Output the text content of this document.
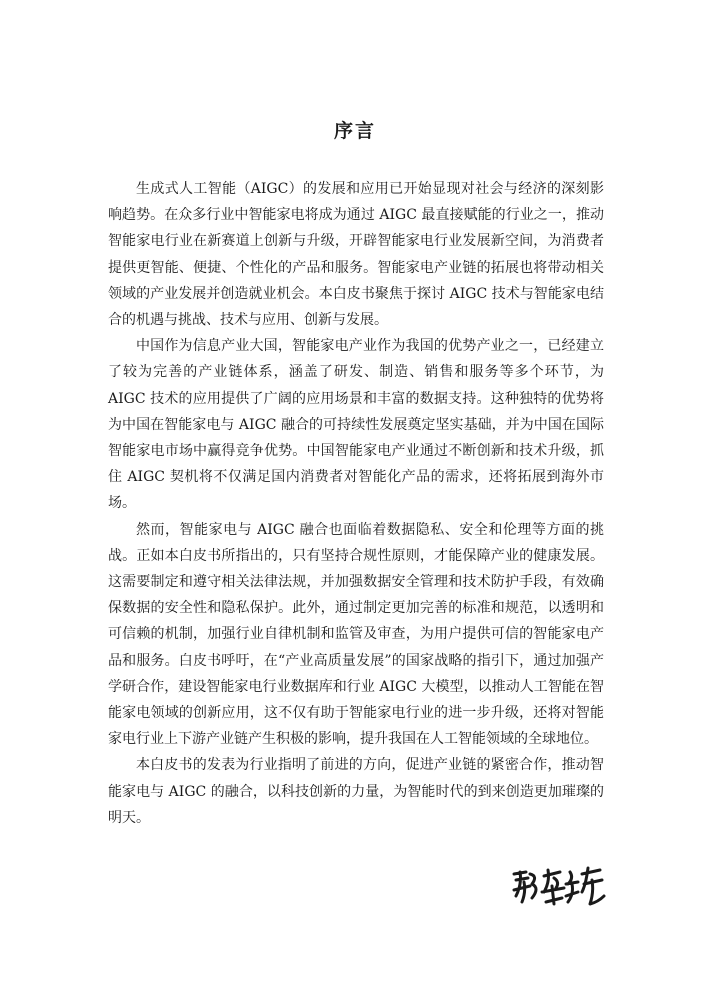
序言

生成式人工智能（AIGC）的发展和应用已开始显现对社会与经济的深刻影响趋势。在众多行业中智能家电将成为通过 AIGC 最直接赋能的行业之一，推动智能家电行业在新赛道上创新与升级，开辟智能家电行业发展新空间，为消费者提供更智能、便捷、个性化的产品和服务。智能家电产业链的拓展也将带动相关领域的产业发展并创造就业机会。本白皮书聚焦于探讨 AIGC 技术与智能家电结合的机遇与挑战、技术与应用、创新与发展。

中国作为信息产业大国，智能家电产业作为我国的优势产业之一，已经建立了较为完善的产业链体系，涵盖了研发、制造、销售和服务等多个环节，为 AIGC 技术的应用提供了广阔的应用场景和丰富的数据支持。这种独特的优势将为中国在智能家电与 AIGC 融合的可持续性发展奠定坚实基础，并为中国在国际智能家电市场中赢得竞争优势。中国智能家电产业通过不断创新和技术升级，抓住 AIGC 契机将不仅满足国内消费者对智能化产品的需求，还将拓展到海外市场。

然而，智能家电与 AIGC 融合也面临着数据隐私、安全和伦理等方面的挑战。正如本白皮书所指出的，只有坚持合规性原则，才能保障产业的健康发展。这需要制定和遵守相关法律法规，并加强数据安全管理和技术防护手段，有效确保数据的安全性和隐私保护。此外，通过制定更加完善的标准和规范，以透明和可信赖的机制，加强行业自律机制和监管及审查，为用户提供可信的智能家电产品和服务。白皮书呼吁，在“产业高质量发展”的国家战略的指引下，通过加强产学研合作，建设智能家电行业数据库和行业 AIGC 大模型，以推动人工智能在智能家电领域的创新应用，这不仅有助于智能家电行业的进一步升级，还将对智能家电行业上下游产业链产生积极的影响，提升我国在人工智能领域的全球地位。

本白皮书的发表为行业指明了前进的方向，促进产业链的紧密合作，推动智能家电与 AIGC 的融合，以科技创新的力量，为智能时代的到来创造更加璀璨的明天。
